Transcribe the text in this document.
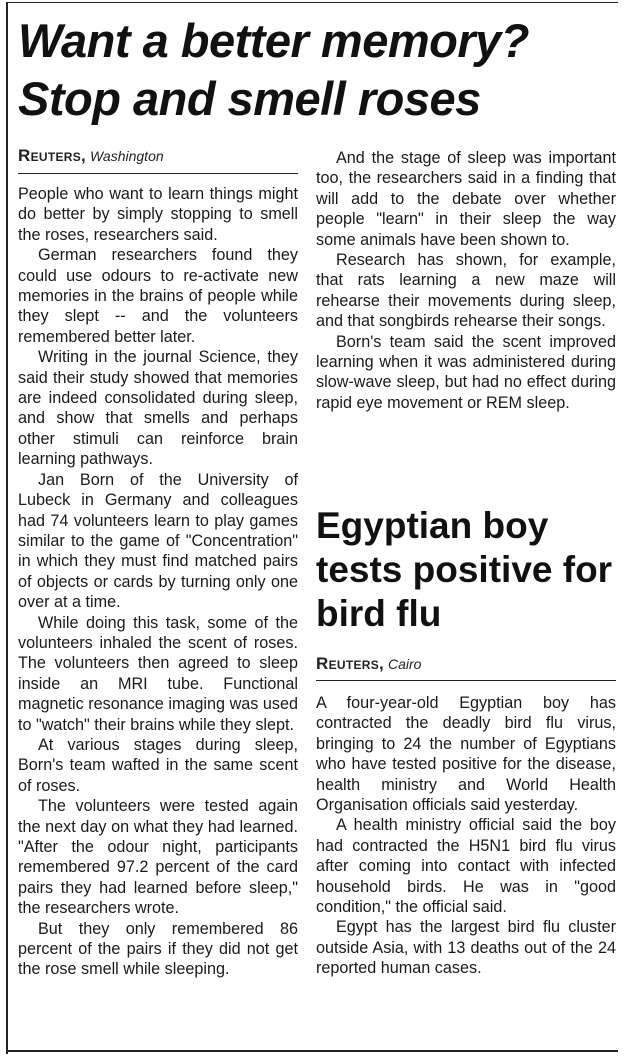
Want a better memory? Stop and smell roses
Reuters, Washington

People who want to learn things might do better by simply stopping to smell the roses, researchers said.

German researchers found they could use odours to re-activate new memories in the brains of people while they slept -- and the volunteers remembered better later.

Writing in the journal Science, they said their study showed that memories are indeed consolidated during sleep, and show that smells and perhaps other stimuli can reinforce brain learning pathways.

Jan Born of the University of Lubeck in Germany and colleagues had 74 volunteers learn to play games similar to the game of "Concentration" in which they must find matched pairs of objects or cards by turning only one over at a time.

While doing this task, some of the volunteers inhaled the scent of roses. The volunteers then agreed to sleep inside an MRI tube. Functional magnetic resonance imaging was used to "watch" their brains while they slept.

At various stages during sleep, Born's team wafted in the same scent of roses.

The volunteers were tested again the next day on what they had learned. "After the odour night, participants remembered 97.2 percent of the card pairs they had learned before sleep," the researchers wrote.

But they only remembered 86 percent of the pairs if they did not get the rose smell while sleeping.

And the stage of sleep was important too, the researchers said in a finding that will add to the debate over whether people "learn" in their sleep the way some animals have been shown to.

Research has shown, for example, that rats learning a new maze will rehearse their movements during sleep, and that songbirds rehearse their songs.

Born's team said the scent improved learning when it was administered during slow-wave sleep, but had no effect during rapid eye movement or REM sleep.

Egyptian boy tests positive for bird flu
Reuters, Cairo

A four-year-old Egyptian boy has contracted the deadly bird flu virus, bringing to 24 the number of Egyptians who have tested positive for the disease, health ministry and World Health Organisation officials said yesterday.

A health ministry official said the boy had contracted the H5N1 bird flu virus after coming into contact with infected household birds. He was in "good condition," the official said.

Egypt has the largest bird flu cluster outside Asia, with 13 deaths out of the 24 reported human cases.
